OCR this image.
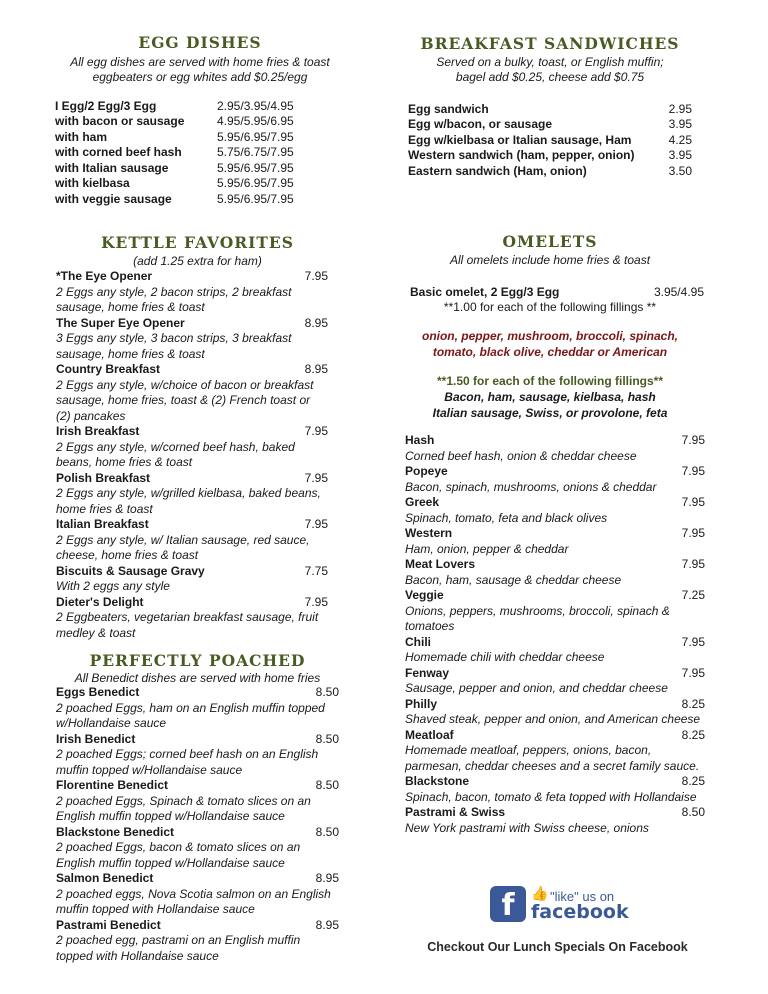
EGG DISHES
All egg dishes are served with home fries & toast
eggbeaters or egg whites add $0.25/egg
I Egg/2 Egg/3 Egg	2.95/3.95/4.95
with bacon or sausage	4.95/5.95/6.95
with ham	5.95/6.95/7.95
with corned beef hash	5.75/6.75/7.95
with Italian sausage	5.95/6.95/7.95
with kielbasa	5.95/6.95/7.95
with veggie sausage	5.95/6.95/7.95
KETTLE FAVORITES
(add 1.25 extra for ham)
*The Eye Opener	7.95
2 Eggs any style, 2 bacon strips, 2 breakfast sausage, home fries & toast
The Super Eye Opener	8.95
3 Eggs any style, 3 bacon strips, 3 breakfast sausage, home fries & toast
Country Breakfast	8.95
2 Eggs any style, w/choice of bacon or breakfast sausage, home fries, toast & (2) French toast or (2) pancakes
Irish Breakfast	7.95
2 Eggs any style, w/corned beef hash, baked beans, home fries & toast
Polish Breakfast	7.95
2 Eggs any style, w/grilled kielbasa, baked beans, home fries & toast
Italian Breakfast	7.95
2 Eggs any style, w/ Italian sausage, red sauce, cheese, home fries & toast
Biscuits & Sausage Gravy	7.75
With 2 eggs any style
Dieter's Delight	7.95
2 Eggbeaters, vegetarian breakfast sausage, fruit medley & toast
PERFECTLY POACHED
All Benedict dishes are served with home fries
Eggs Benedict	8.50
2 poached Eggs, ham on an English muffin topped w/Hollandaise sauce
Irish Benedict	8.50
2 poached Eggs; corned beef hash on an English muffin topped w/Hollandaise sauce
Florentine Benedict	8.50
2 poached Eggs, Spinach & tomato slices on an English muffin topped w/Hollandaise sauce
Blackstone Benedict	8.50
2 poached Eggs, bacon & tomato slices on an English muffin topped w/Hollandaise sauce
Salmon Benedict	8.95
2 poached eggs, Nova Scotia salmon on an English muffin topped with Hollandaise sauce
Pastrami Benedict	8.95
2 poached egg, pastrami on an English muffin topped with Hollandaise sauce
BREAKFAST SANDWICHES
Served on a bulky, toast, or English muffin;
bagel add $0.25, cheese add $0.75
Egg sandwich	2.95
Egg w/bacon, or sausage	3.95
Egg w/kielbasa or Italian sausage, Ham	4.25
Western sandwich (ham, pepper, onion)	3.95
Eastern sandwich (Ham, onion)	3.50
OMELETS
All omelets include home fries & toast
Basic omelet, 2 Egg/3 Egg	3.95/4.95
**1.00 for each of the following fillings **
onion, pepper, mushroom, broccoli, spinach,
tomato, black olive, cheddar or American
**1.50 for each of the following fillings**
Bacon, ham, sausage, kielbasa, hash
Italian sausage, Swiss, or provolone, feta
Hash	7.95
Corned beef hash, onion & cheddar cheese
Popeye	7.95
Bacon, spinach, mushrooms, onions & cheddar
Greek	7.95
Spinach, tomato, feta and black olives
Western	7.95
Ham, onion, pepper & cheddar
Meat Lovers	7.95
Bacon, ham, sausage & cheddar cheese
Veggie	7.25
Onions, peppers, mushrooms, broccoli, spinach & tomatoes
Chili	7.95
Homemade chili with cheddar cheese
Fenway	7.95
Sausage, pepper and onion, and cheddar cheese
Philly	8.25
Shaved steak, pepper and onion, and American cheese
Meatloaf	8.25
Homemade meatloaf, peppers, onions, bacon, parmesan, cheddar cheeses and a secret family sauce.
Blackstone	8.25
Spinach, bacon, tomato & feta topped with Hollandaise
Pastrami & Swiss	8.50
New York pastrami with Swiss cheese, onions
f	👍 "like" us on
facebook
Checkout Our Lunch Specials On Facebook
